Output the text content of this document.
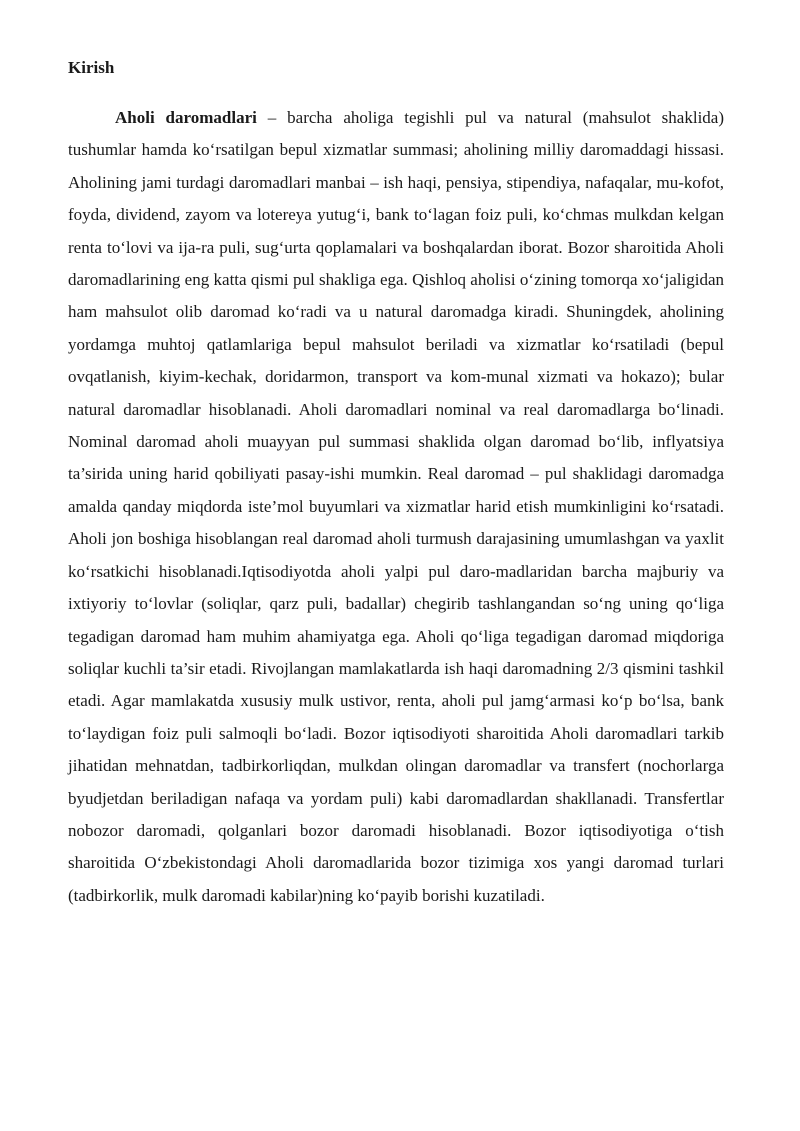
Kirish

Aholi daromadlari – barcha aholiga tegishli pul va natural (mahsulot shaklida) tushumlar hamda ko‘rsatilgan bepul xizmatlar summasi; aholining milliy daromaddagi hissasi. Aholining jami turdagi daromadlari manbai – ish haqi, pensiya, stipendiya, nafaqalar, mu-kofot, foyda, dividend, zayom va lotereya yutug‘i, bank to‘lagan foiz puli, ko‘chmas mulkdan kelgan renta to‘lovi va ija-ra puli, sug‘urta qoplamalari va boshqalardan iborat. Bozor sharoitida Aholi daromadlarining eng katta qismi pul shakliga ega. Qishloq aholisi o‘zining tomorqa xo‘jaligidan ham mahsulot olib daromad ko‘radi va u natural daromadga kiradi. Shuningdek, aholining yordamga muhtoj qatlamlariga bepul mahsulot beriladi va xizmatlar ko‘rsatiladi (bepul ovqatlanish, kiyim-kechak, doridarmon, transport va kom-munal xizmati va hokazo); bular natural daromadlar hisoblanadi. Aholi daromadlari nominal va real daromadlarga bo‘linadi. Nominal daromad aholi muayyan pul summasi shaklida olgan daromad bo‘lib, inflyatsiya ta’sirida uning harid qobiliyati pasay-ishi mumkin. Real daromad – pul shaklidagi daromadga amalda qanday miqdorda iste’mol buyumlari va xizmatlar harid etish mumkinligini ko‘rsatadi. Aholi jon boshiga hisoblangan real daromad aholi turmush darajasining umumlashgan va yaxlit ko‘rsatkichi hisoblanadi.Iqtisodiyotda aholi yalpi pul daro-madlaridan barcha majburiy va ixtiyoriy to‘lovlar (soliqlar, qarz puli, badallar) chegirib tashlangandan so‘ng uning qo‘liga tegadigan daromad ham muhim ahamiyatga ega. Aholi qo‘liga tegadigan daromad miqdoriga soliqlar kuchli ta’sir etadi. Rivojlangan mamlakatlarda ish haqi daromadning 2/3 qismini tashkil etadi. Agar mamlakatda xususiy mulk ustivor, renta, aholi pul jamg‘armasi ko‘p bo‘lsa, bank to‘laydigan foiz puli salmoqli bo‘ladi. Bozor iqtisodiyoti sharoitida Aholi daromadlari tarkib jihatidan mehnatdan, tadbirkorliqdan, mulkdan olingan daromadlar va transfert (nochorlarga byudjetdan beriladigan nafaqa va yordam puli) kabi daromadlardan shakllanadi. Transfertlar nobozor daromadi, qolganlari bozor daromadi hisoblanadi. Bozor iqtisodiyotiga o‘tish sharoitida O‘zbekistondagi Aholi daromadlarida bozor tizimiga xos yangi daromad turlari (tadbirkorlik, mulk daromadi kabilar)ning ko‘payib borishi kuzatiladi.
